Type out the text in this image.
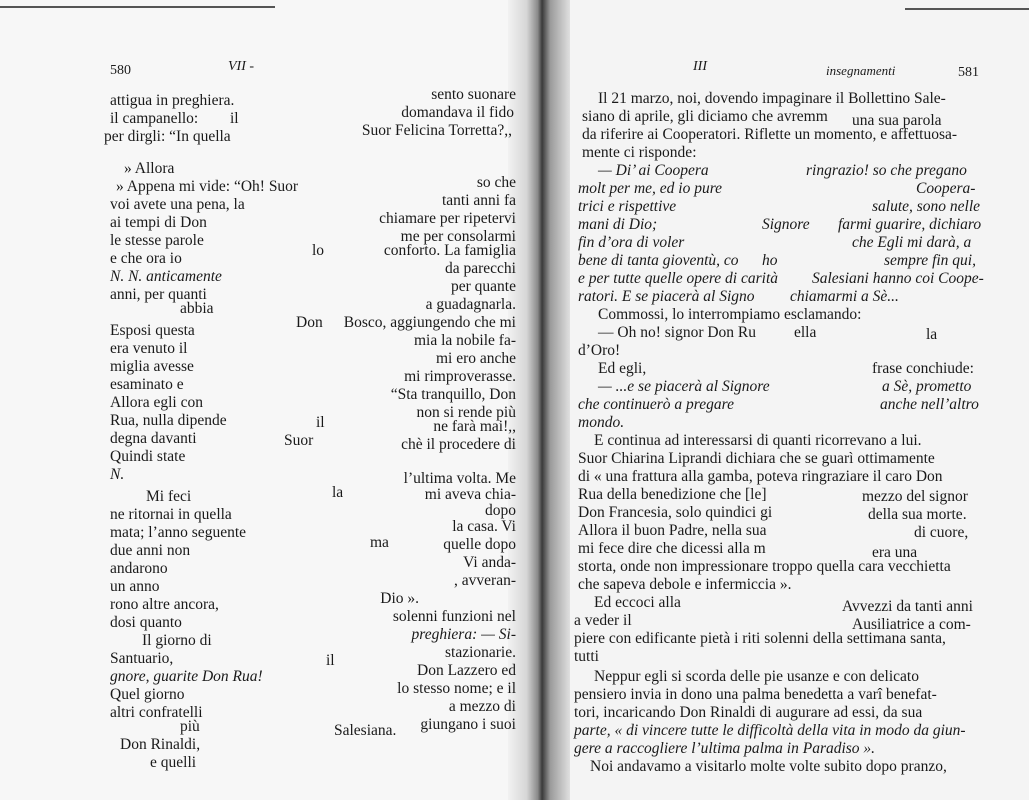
580	VII -
attigua in preghiera.
il campanello:
per dirgli: “In quella
» Allora
» Appena mi vide: “Oh! Suor
voi avete una pena, la
ai tempi di Don
le stesse parole
e che ora io
N. N. anticamente
anni, per quanti
abbia
Esposi questa
era venuto il
miglia avesse
esaminato e
Allora egli con
Rua, nulla dipende
degna davanti
Quindi state
N.
Mi feci
ne ritornai in quella
mata; l’anno seguente
due anni non
andarono
un anno
rono altre ancora,
dosi quanto
Il giorno di
Santuario,
gnore, guarite Don Rua!
Quel giorno
altri confratelli
più
Don Rinaldi,
e quelli
il
lo
Don
il
Suor
la
ma
il
sento suonare
domandava il fido
Suor Felicina Torretta?,,
so che
tanti anni fa
chiamare per ripetervi
me per consolarmi
conforto. La famiglia
da parecchi
per quante
a guadagnarla.
Bosco, aggiungendo che mi
mia la nobile fa-
mi ero anche
mi rimproverasse.
“Sta tranquillo, Don
non si rende più
ne farà mai!,,
chè il procedere di
l’ultima volta. Me
mi aveva chia-
dopo
la casa. Vi
quelle dopo
Vi anda-
, avveran-
Dio ».
solenni funzioni nel
preghiera: — Si-
stazionarie.
Don Lazzero ed
lo stesso nome; e il
a mezzo di
giungano i suoi
Salesiana.
III	insegnamenti	581
Il 21 marzo, noi, dovendo impaginare il Bollettino Sale-
siano di aprile, gli diciamo che avremm una sua parola
da riferire ai Cooperatori. Riflette un momento, e affettuosa-
mente ci risponde:
— Di’ ai Coopera	ringrazio! so che pregano
molt per me, ed io pure	Coopera-
trici e rispettive	salute, sono nelle
mani di Dio;	Signore farmi guarire, dichiaro
fin d’ora di voler	che Egli mi darà, a
bene di tanta gioventù, co ho	sempre fin qui,
e per tutte quelle opere di carità Salesiani hanno coi Coope-
ratori. E se piacerà al Signo chiamarmi a Sè...
Commossi, lo interrompiamo esclamando:
— Oh no! signor Don Ru ella	la
d’Oro!
Ed egli,	frase conchiude:
— ...e se piacerà al Signore	a Sè, prometto
che continuerò a pregare	anche nell’altro
mondo.
E continua ad interessarsi di quanti ricorrevano a lui.
Suor Chiarina Liprandi dichiara che se guarì ottimamente
di « una frattura alla gamba, poteva ringraziare il caro Don
Rua della benedizione che [le]	mezzo del signor
Don Francesia, solo quindici gi	della sua morte.
Allora il buon Padre, nella sua	di cuore,
mi fece dire che dicessi alla m	era una
storta, onde non impressionare troppo quella cara vecchietta
che sapeva debole e infermiccia ».
Ed eccoci alla	Avvezzi da tanti anni
a veder il	Ausiliatrice a com-
piere con edificante pietà i riti solenni della settimana santa,
tutti
Neppur egli si scorda delle pie usanze e con delicato
pensiero invia in dono una palma benedetta a varî benefat-
tori, incaricando Don Rinaldi di augurare ad essi, da sua
parte, « di vincere tutte le difficoltà della vita in modo da giun-
gere a raccogliere l’ultima palma in Paradiso ».
Noi andavamo a visitarlo molte volte subito dopo pranzo,
